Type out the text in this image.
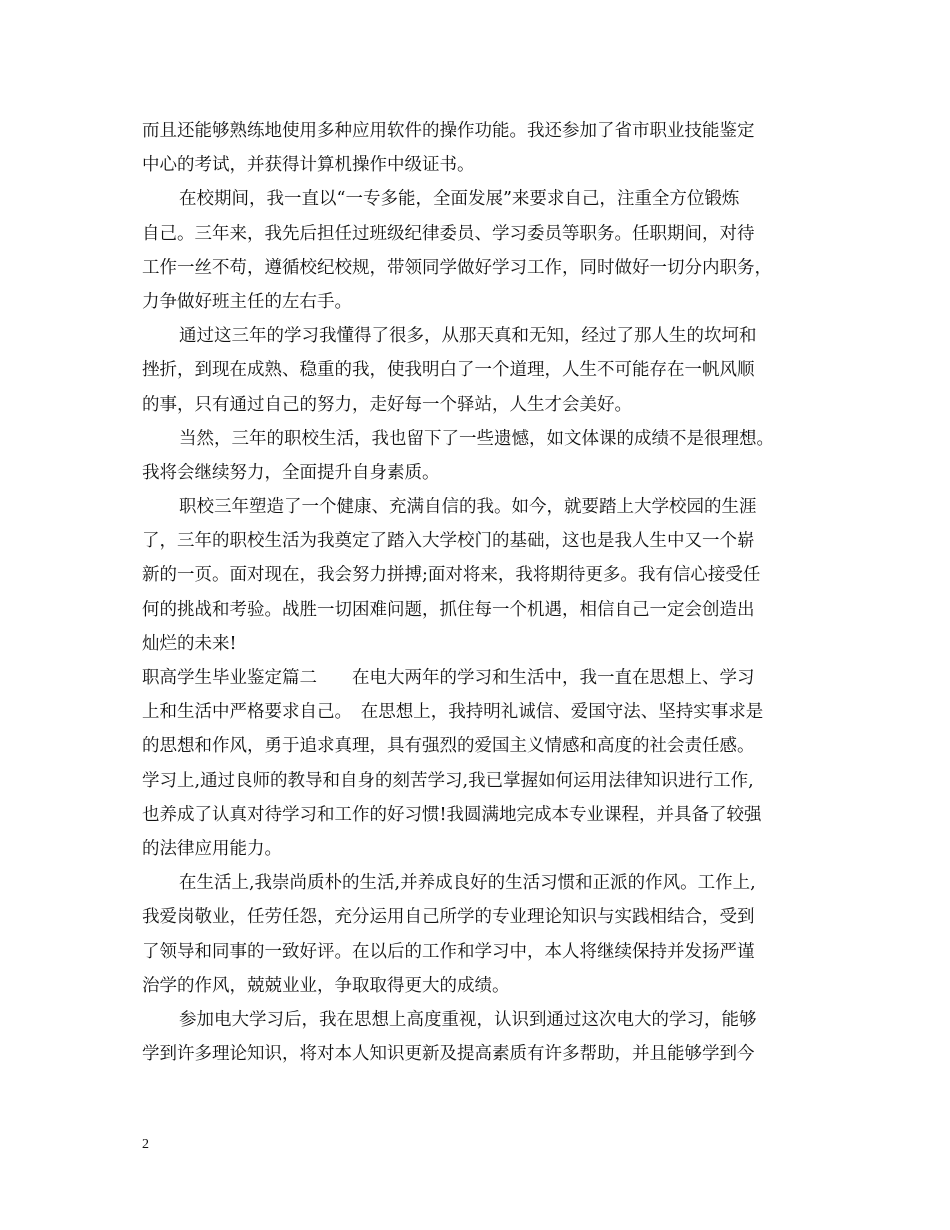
而且还能够熟练地使用多种应用软件的操作功能。我还参加了省市职业技能鉴定
中心的考试，并获得计算机操作中级证书。
在校期间，我一直以“一专多能，全面发展”来要求自己，注重全方位锻炼
自己。三年来，我先后担任过班级纪律委员、学习委员等职务。任职期间，对待
工作一丝不苟，遵循校纪校规，带领同学做好学习工作，同时做好一切分内职务，
力争做好班主任的左右手。
通过这三年的学习我懂得了很多，从那天真和无知，经过了那人生的坎坷和
挫折，到现在成熟、稳重的我，使我明白了一个道理，人生不可能存在一帆风顺
的事，只有通过自己的努力，走好每一个驿站，人生才会美好。
当然，三年的职校生活，我也留下了一些遗憾，如文体课的成绩不是很理想。
我将会继续努力，全面提升自身素质。
职校三年塑造了一个健康、充满自信的我。如今，就要踏上大学校园的生涯
了，三年的职校生活为我奠定了踏入大学校门的基础，这也是我人生中又一个崭
新的一页。面对现在，我会努力拼搏;面对将来，我将期待更多。我有信心接受任
何的挑战和考验。战胜一切困难问题，抓住每一个机遇，相信自己一定会创造出
灿烂的未来!
职高学生毕业鉴定篇二　　在电大两年的学习和生活中，我一直在思想上、学习
上和生活中严格要求自己。　在思想上，我持明礼诚信、爱国守法、坚持实事求是
的思想和作风，勇于追求真理，具有强烈的爱国主义情感和高度的社会责任感。
学习上,通过良师的教导和自身的刻苦学习,我已掌握如何运用法律知识进行工作,
也养成了认真对待学习和工作的好习惯!我圆满地完成本专业课程，并具备了较强
的法律应用能力。
在生活上,我崇尚质朴的生活,并养成良好的生活习惯和正派的作风。工作上,
我爱岗敬业，任劳任怨，充分运用自己所学的专业理论知识与实践相结合，受到
了领导和同事的一致好评。在以后的工作和学习中，本人将继续保持并发扬严谨
治学的作风，兢兢业业，争取取得更大的成绩。
参加电大学习后，我在思想上高度重视，认识到通过这次电大的学习，能够
学到许多理论知识，将对本人知识更新及提高素质有许多帮助，并且能够学到今
2
